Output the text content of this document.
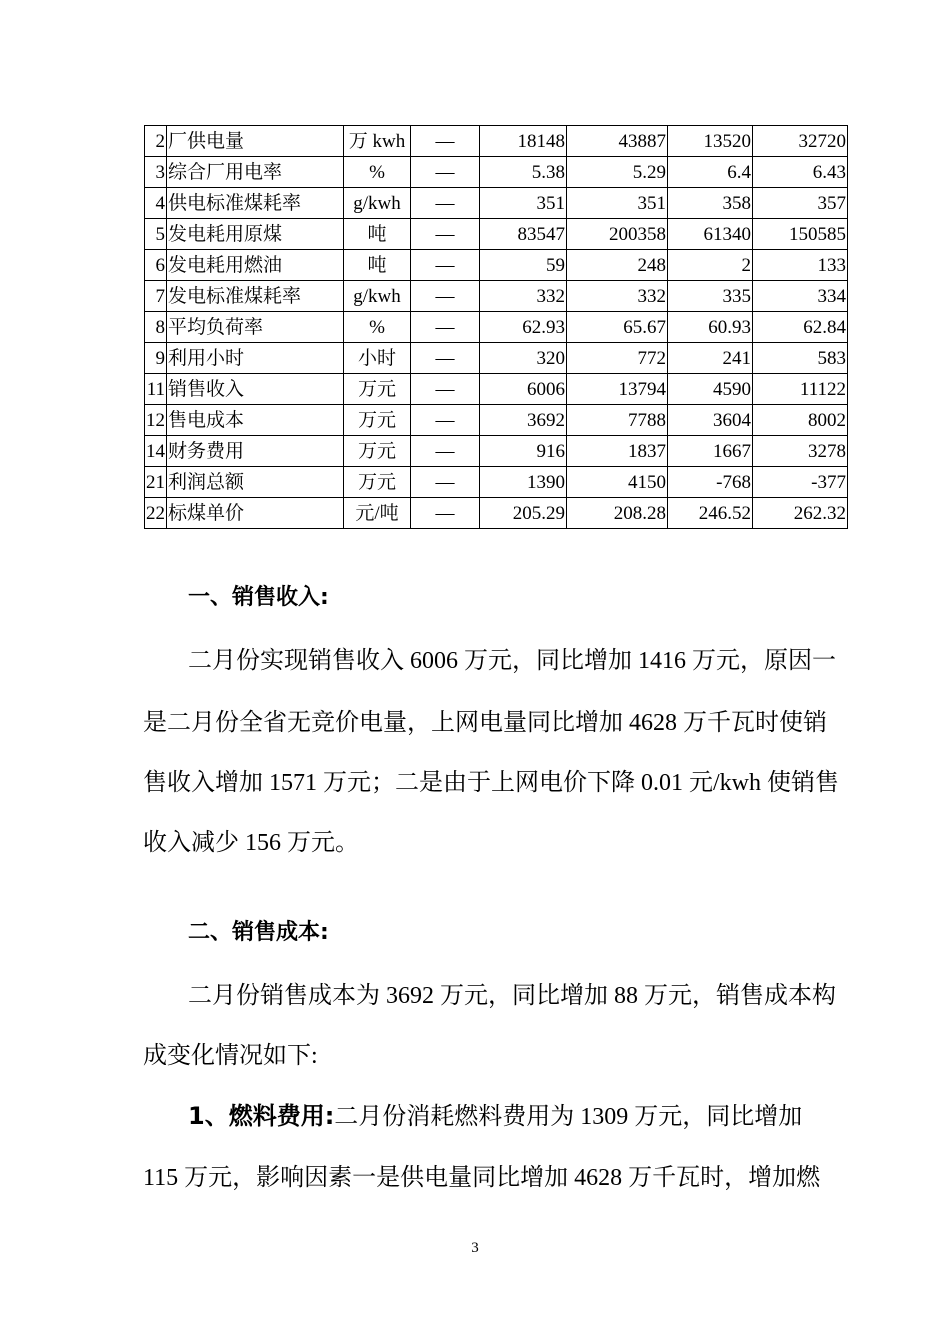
2	厂供电量	万 kwh	—	18148	43887	13520	32720
3	综合厂用电率	%	—	5.38	5.29	6.4	6.43
4	供电标准煤耗率	g/kwh	—	351	351	358	357
5	发电耗用原煤	吨	—	83547	200358	61340	150585
6	发电耗用燃油	吨	—	59	248	2	133
7	发电标准煤耗率	g/kwh	—	332	332	335	334
8	平均负荷率	%	—	62.93	65.67	60.93	62.84
9	利用小时	小时	—	320	772	241	583
11	销售收入	万元	—	6006	13794	4590	11122
12	售电成本	万元	—	3692	7788	3604	8002
14	财务费用	万元	—	916	1837	1667	3278
21	利润总额	万元	—	1390	4150	-768	-377
22	标煤单价	元/吨	—	205.29	208.28	246.52	262.32
一、销售收入:
二月份实现销售收入 6006 万元，同比增加 1416 万元，原因一
是二月份全省无竞价电量，上网电量同比增加 4628 万千瓦时使销
售收入增加 1571 万元；二是由于上网电价下降 0.01 元/kwh 使销售
收入减少 156 万元。
二、销售成本:
二月份销售成本为 3692 万元，同比增加 88 万元，销售成本构
成变化情况如下:
1、燃料费用:二月份消耗燃料费用为 1309 万元，同比增加
115 万元，影响因素一是供电量同比增加 4628 万千瓦时，增加燃
3
